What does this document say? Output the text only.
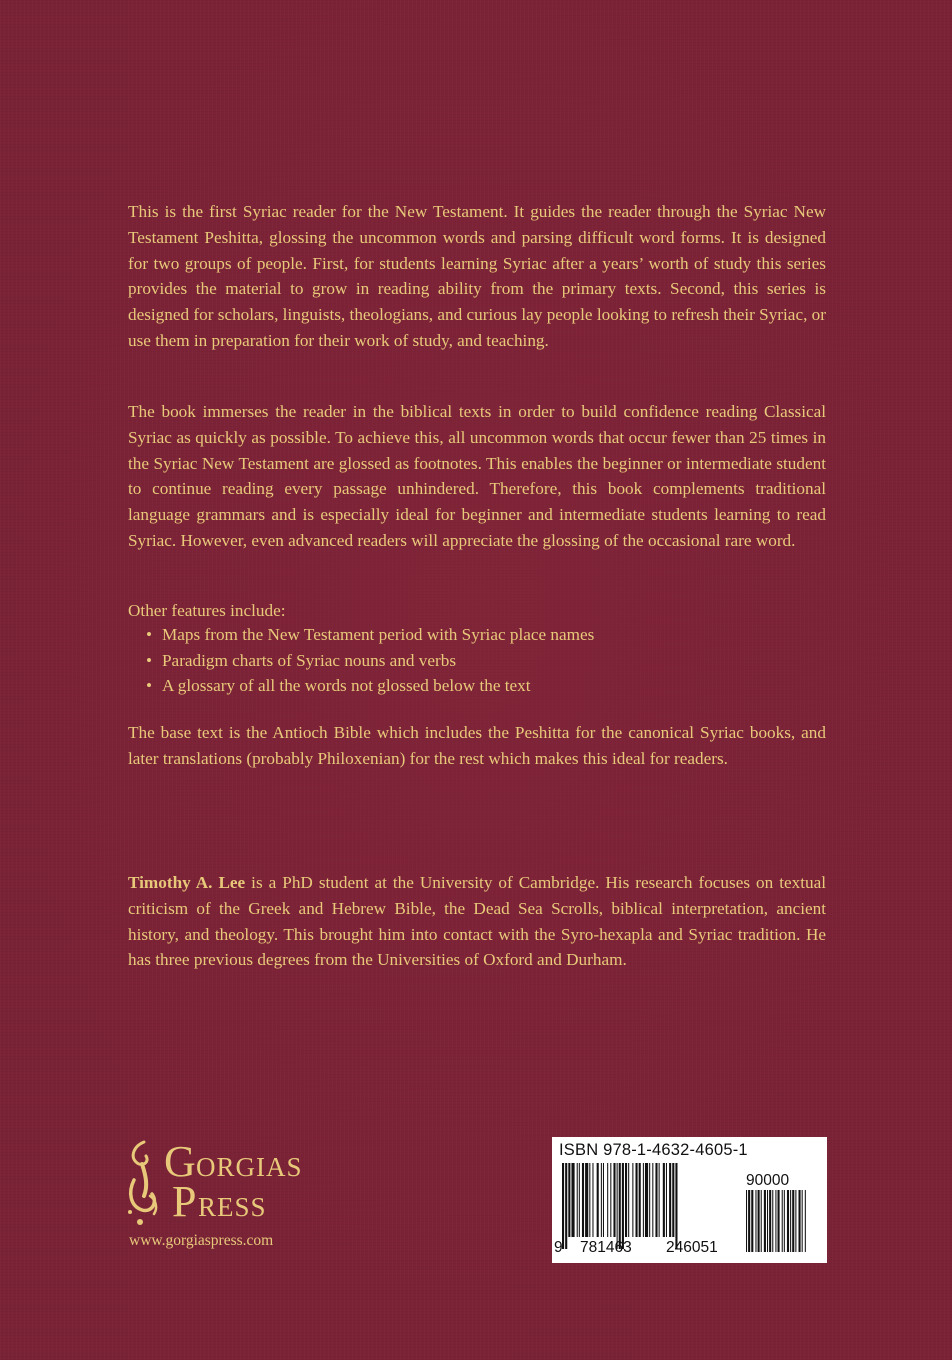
This is the first Syriac reader for the New Testament. It guides the reader through the Syriac New Testament Peshitta, glossing the uncommon words and parsing difficult word forms. It is designed for two groups of people. First, for students learning Syriac after a years’ worth of study this series provides the material to grow in reading ability from the primary texts. Second, this series is designed for scholars, linguists, theologians, and curious lay people looking to refresh their Syriac, or use them in preparation for their work of study, and teaching.

The book immerses the reader in the biblical texts in order to build confidence reading Classical Syriac as quickly as possible. To achieve this, all uncommon words that occur fewer than 25 times in the Syriac New Testament are glossed as footnotes. This enables the beginner or intermediate student to continue reading every passage unhindered. Therefore, this book complements traditional language grammars and is especially ideal for beginner and intermediate students learning to read Syriac. However, even advanced readers will appreciate the glossing of the occasional rare word.

Other features include:

• Maps from the New Testament period with Syriac place names
• Paradigm charts of Syriac nouns and verbs
• A glossary of all the words not glossed below the text

The base text is the Antioch Bible which includes the Peshitta for the canonical Syriac books, and later translations (probably Philoxenian) for the rest which makes this ideal for readers.

Timothy A. Lee is a PhD student at the University of Cambridge. His research focuses on textual criticism of the Greek and Hebrew Bible, the Dead Sea Scrolls, biblical interpretation, ancient history, and theology. This brought him into contact with the Syro-hexapla and Syriac tradition. He has three previous degrees from the Universities of Oxford and Durham.

G ORGIAS
P RESS
www.gorgiaspress.com
ISBN 978-1-4632-4605-1
90000
9 781463 246051
